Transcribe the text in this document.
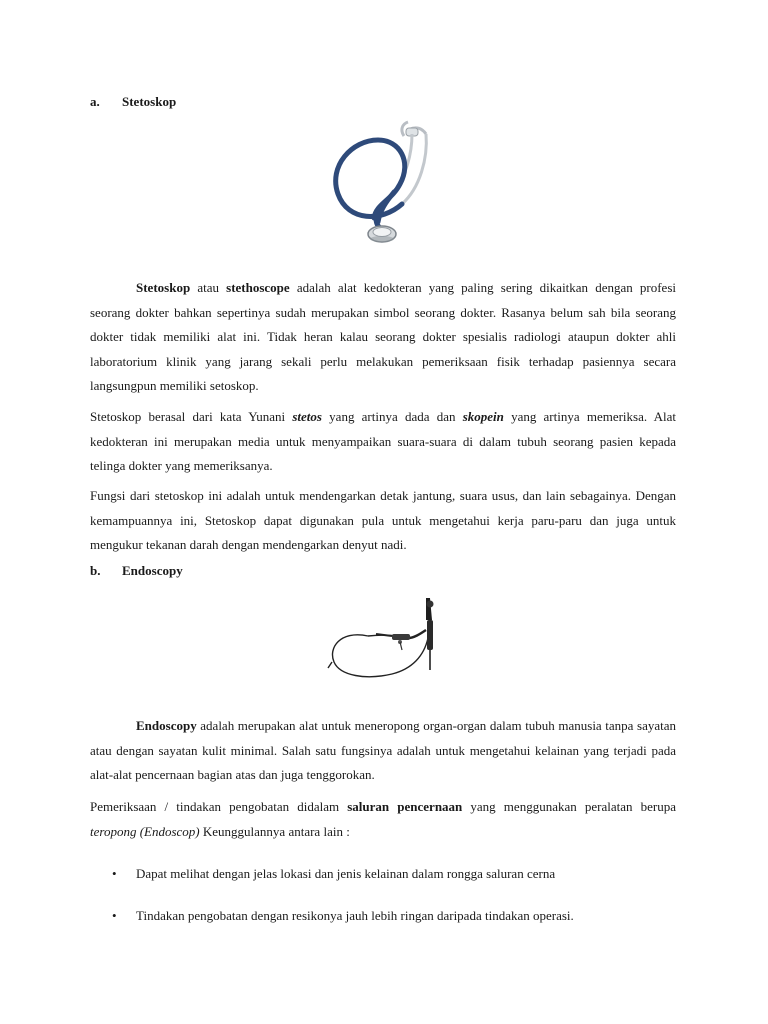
a. Stetoskop

Stetoskop atau stethoscope adalah alat kedokteran yang paling sering dikaitkan dengan profesi seorang dokter bahkan sepertinya sudah merupakan simbol seorang dokter. Rasanya belum sah bila seorang dokter tidak memiliki alat ini. Tidak heran kalau seorang dokter spesialis radiologi ataupun dokter ahli laboratorium klinik yang jarang sekali perlu melakukan pemeriksaan fisik terhadap pasiennya secara langsungpun memiliki setoskop.

Stetoskop berasal dari kata Yunani stetos yang artinya dada dan skopein yang artinya memeriksa. Alat kedokteran ini merupakan media untuk menyampaikan suara-suara di dalam tubuh seorang pasien kepada telinga dokter yang memeriksanya.

Fungsi dari stetoskop ini adalah untuk mendengarkan detak jantung, suara usus, dan lain sebagainya. Dengan kemampuannya ini, Stetoskop dapat digunakan pula untuk mengetahui kerja paru-paru dan juga untuk mengukur tekanan darah dengan mendengarkan denyut nadi.

b. Endoscopy

Endoscopy adalah merupakan alat untuk meneropong organ-organ dalam tubuh manusia tanpa sayatan atau dengan sayatan kulit minimal. Salah satu fungsinya adalah untuk mengetahui kelainan yang terjadi pada alat-alat pencernaan bagian atas dan juga tenggorokan.

Pemeriksaan / tindakan pengobatan didalam saluran pencernaan yang menggunakan peralatan berupa teropong (Endoscop) Keunggulannya antara lain :

• Dapat melihat dengan jelas lokasi dan jenis kelainan dalam rongga saluran cerna
• Tindakan pengobatan dengan resikonya jauh lebih ringan daripada tindakan operasi.
